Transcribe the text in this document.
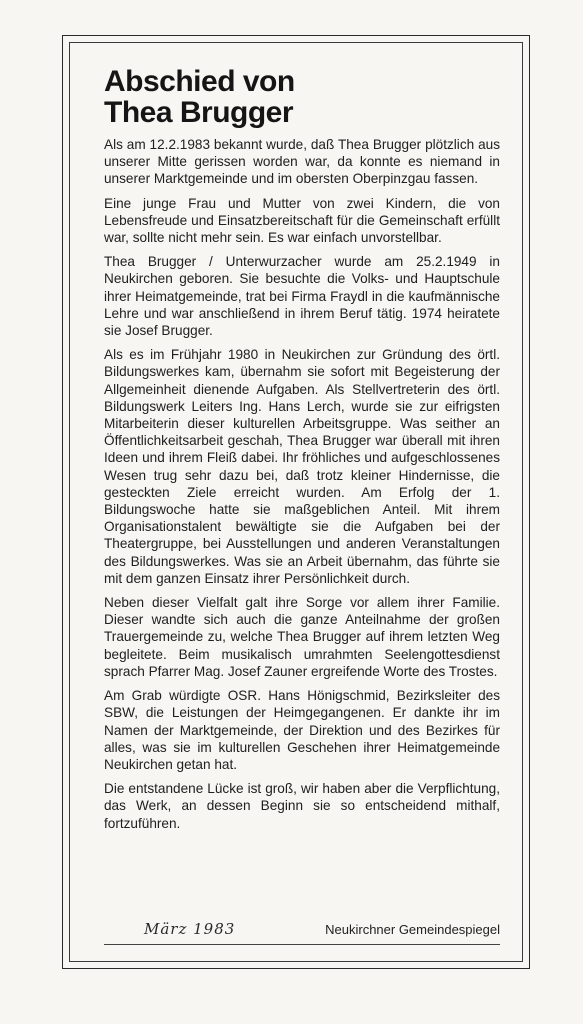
Abschied von
Thea Brugger

Als am 12.2.1983 bekannt wurde, daß Thea Brugger plötzlich aus unserer Mitte gerissen worden war, da konnte es niemand in unserer Marktgemeinde und im obersten Oberpinzgau fassen.

Eine junge Frau und Mutter von zwei Kindern, die von Lebensfreude und Einsatzbereitschaft für die Gemeinschaft erfüllt war, sollte nicht mehr sein. Es war einfach unvorstellbar.

Thea Brugger / Unterwurzacher wurde am 25.2.1949 in Neukirchen geboren. Sie besuchte die Volks- und Hauptschule ihrer Heimatgemeinde, trat bei Firma Fraydl in die kaufmännische Lehre und war anschließend in ihrem Beruf tätig. 1974 heiratete sie Josef Brugger.

Als es im Frühjahr 1980 in Neukirchen zur Gründung des örtl. Bildungswerkes kam, übernahm sie sofort mit Begeisterung der Allgemeinheit dienende Aufgaben. Als Stellvertreterin des örtl. Bildungswerk Leiters Ing. Hans Lerch, wurde sie zur eifrigsten Mitarbeiterin dieser kulturellen Arbeitsgruppe. Was seither an Öffentlichkeitsarbeit geschah, Thea Brugger war überall mit ihren Ideen und ihrem Fleiß dabei. Ihr fröhliches und aufgeschlossenes Wesen trug sehr dazu bei, daß trotz kleiner Hindernisse, die gesteckten Ziele erreicht wurden. Am Erfolg der 1. Bildungswoche hatte sie maßgeblichen Anteil. Mit ihrem Organisationstalent bewältigte sie die Aufgaben bei der Theatergruppe, bei Ausstellungen und anderen Veranstaltungen des Bildungswerkes. Was sie an Arbeit übernahm, das führte sie mit dem ganzen Einsatz ihrer Persönlichkeit durch.

Neben dieser Vielfalt galt ihre Sorge vor allem ihrer Familie. Dieser wandte sich auch die ganze Anteilnahme der großen Trauergemeinde zu, welche Thea Brugger auf ihrem letzten Weg begleitete. Beim musikalisch umrahmten Seelengottesdienst sprach Pfarrer Mag. Josef Zauner ergreifende Worte des Trostes.

Am Grab würdigte OSR. Hans Hönigschmid, Bezirksleiter des SBW, die Leistungen der Heimgegangenen. Er dankte ihr im Namen der Marktgemeinde, der Direktion und des Bezirkes für alles, was sie im kulturellen Geschehen ihrer Heimatgemeinde Neukirchen getan hat.

Die entstandene Lücke ist groß, wir haben aber die Verpflichtung, das Werk, an dessen Beginn sie so entscheidend mithalf, fortzuführen.

März 1983	Neukirchner Gemeindespiegel
